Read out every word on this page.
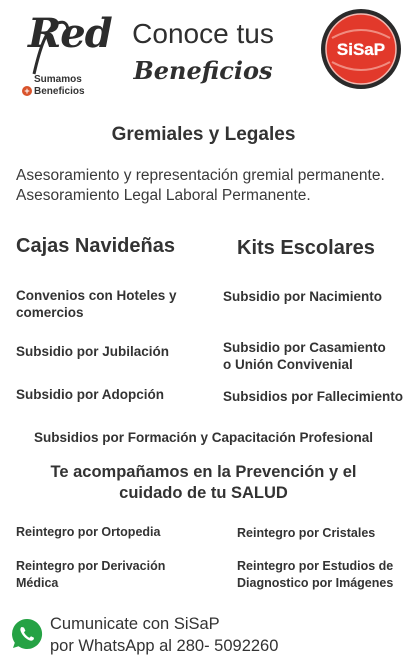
Red
Sumamos
+ Beneficios
Conoce tus
Beneficios
SiSaP
Gremiales y Legales
Asesoramiento y representación gremial permanente.
Asesoramiento Legal Laboral Permanente.
Cajas Navideñas	Kits Escolares
Convenios con Hoteles y
comercios
Subsidio por Jubilación
Subsidio por Adopción
Subsidio por Nacimiento
Subsidio por Casamiento
o Unión Convivenial
Subsidios por Fallecimiento
Subsidios por Formación y Capacitación Profesional
Te acompañamos en la Prevención y el
cuidado de tu SALUD
Reintegro por Ortopedia	Reintegro por Cristales
Reintegro por Derivación
Médica
Reintegro por Estudios de
Diagnostico por Imágenes
Cumunicate con SiSaP
por WhatsApp al 280- 5092260
